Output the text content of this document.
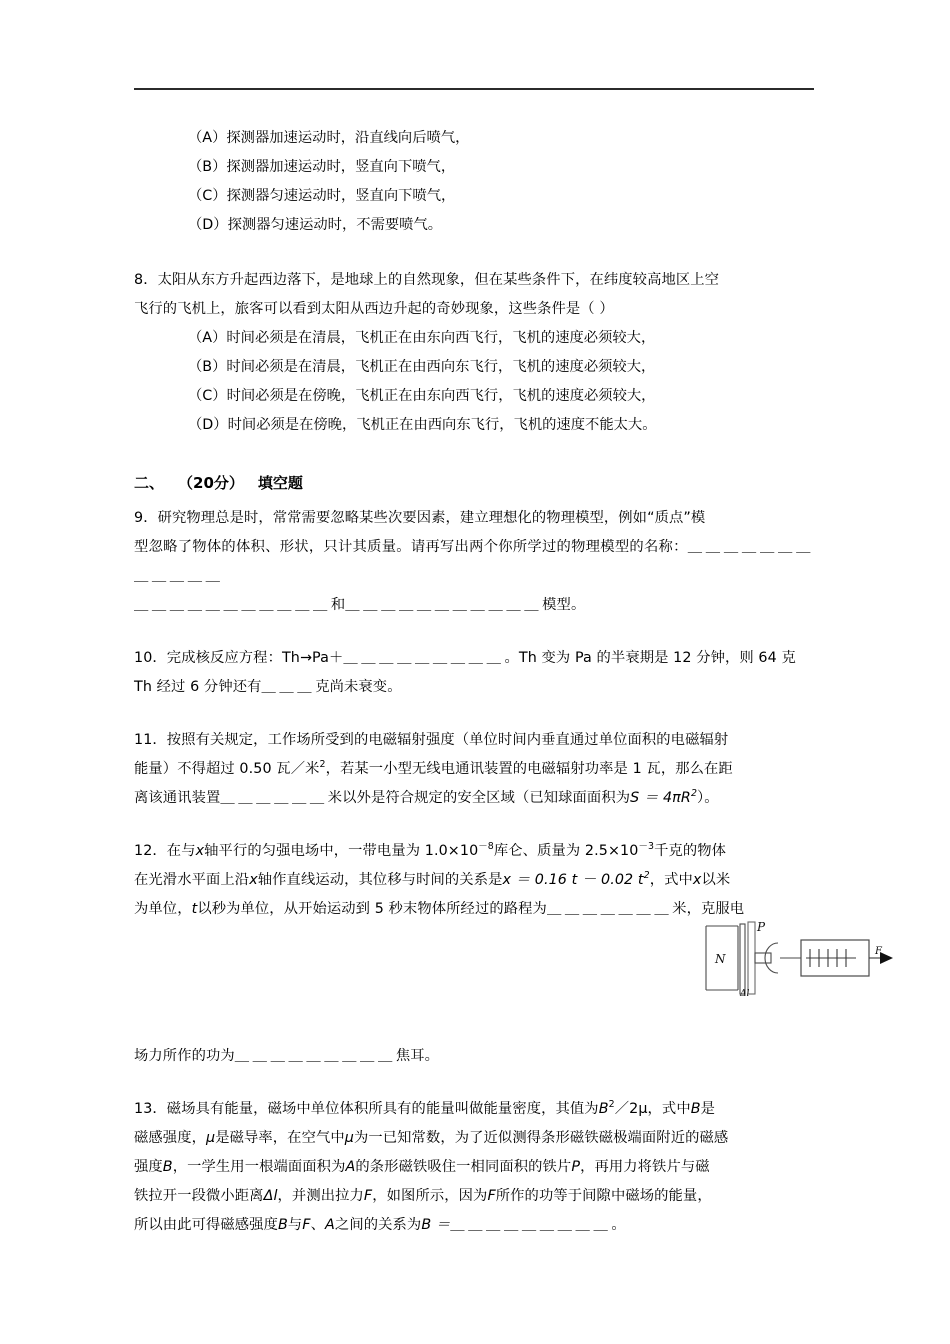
（A）探测器加速运动时，沿直线向后喷气，
（B）探测器加速运动时，竖直向下喷气，
（C）探测器匀速运动时，竖直向下喷气，
（D）探测器匀速运动时，不需要喷气。
8．太阳从东方升起西边落下，是地球上的自然现象，但在某些条件下，在纬度较高地区上空
飞行的飞机上，旅客可以看到太阳从西边升起的奇妙现象，这些条件是（ ）
（A）时间必须是在清晨，飞机正在由东向西飞行，飞机的速度必须较大，
（B）时间必须是在清晨，飞机正在由西向东飞行，飞机的速度必须较大，
（C）时间必须是在傍晚，飞机正在由东向西飞行，飞机的速度必须较大，
（D）时间必须是在傍晚，飞机正在由西向东飞行，飞机的速度不能太大。
二、 （20分） 填空题
9．研究物理总是时，常常需要忽略某些次要因素，建立理想化的物理模型，例如“质点”模
型忽略了物体的体积、形状，只计其质量。请再写出两个你所学过的物理模型的名称：＿＿＿＿＿＿＿＿＿＿＿＿
＿＿＿＿＿＿＿＿＿＿＿和＿＿＿＿＿＿＿＿＿＿＿模型。
10．完成核反应方程：Th→Pa＋＿＿＿＿＿＿＿＿＿。Th 变为 Pa 的半衰期是 12 分钟，则 64 克
Th 经过 6 分钟还有＿＿＿克尚未衰变。
11．按照有关规定，工作场所受到的电磁辐射强度（单位时间内垂直通过单位面积的电磁辐射
能量）不得超过 0.50 瓦／米$^2$，若某一小型无线电通讯装置的电磁辐射功率是 1 瓦，那么在距
离该通讯装置＿＿＿＿＿＿米以外是符合规定的安全区域（已知球面面积为$S = 4\pi R^2$）。
12．在与x轴平行的匀强电场中，一带电量为 $1.0\times 10^{-8}$库仑、质量为 $2.5\times 10^{-3}$千克的物体
在光滑水平面上沿x轴作直线运动，其位移与时间的关系是x ＝ 0.16 t － 0.02 $t^2$，式中x以米
为单位，t以秒为单位，从开始运动到 5 秒末物体所经过的路程为＿＿＿＿＿＿＿米，克服电
场力所作的功为＿＿＿＿＿＿＿＿＿焦耳。
13．磁场具有能量，磁场中单位体积所具有的能量叫做能量密度，其值为$B^2/2\mu$，式中B是
磁感强度，μ是磁导率，在空气中μ为一已知常数，为了近似测得条形磁铁磁极端面附近的磁感
强度B，一学生用一根端面面积为A的条形磁铁吸住一相同面积的铁片P，再用力将铁片与磁
铁拉开一段微小距离Δl，并测出拉力F，如图所示，因为F所作的功等于间隙中磁场的能量，
所以由此可得磁感强度B与F、A之间的关系为B ＝＿＿＿＿＿＿＿＿＿。
N
P
Δl
F
